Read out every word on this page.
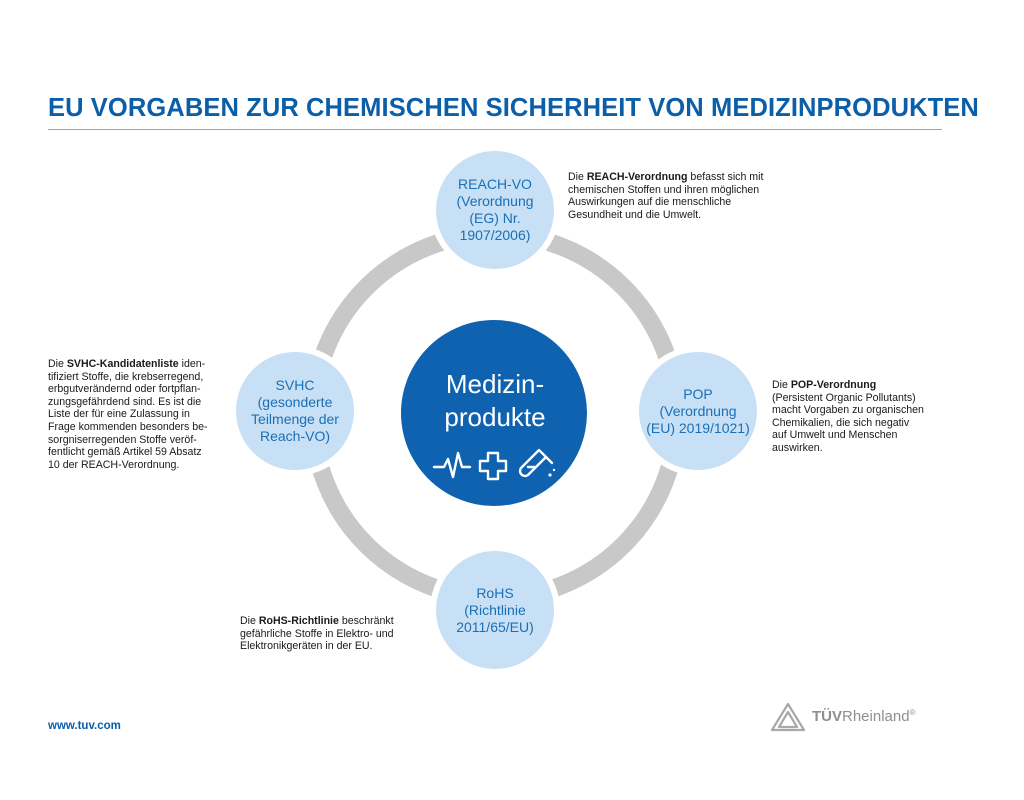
EU VORGABEN ZUR CHEMISCHEN SICHERHEIT VON MEDIZINPRODUKTEN
REACH-VO
(Verordnung
(EG) Nr.
1907/2006)
POP
(Verordnung
(EU) 2019/1021)
RoHS
(Richtlinie
2011/65/EU)
SVHC
(gesonderte
Teilmenge der
Reach-VO)
Medizin-
produkte
Die REACH-Verordnung befasst sich mit
chemischen Stoffen und ihren möglichen
Auswirkungen auf die menschliche
Gesundheit und die Umwelt.
Die POP-Verordnung
(Persistent Organic Pollutants)
macht Vorgaben zu organischen
Chemikalien, die sich negativ
auf Umwelt und Menschen
auswirken.
Die SVHC-Kandidatenliste iden-
tifiziert Stoffe, die krebserregend,
erbgutverändernd oder fortpflan-
zungsgefährdend sind. Es ist die
Liste der für eine Zulassung in
Frage kommenden besonders be-
sorgniserregenden Stoffe veröf-
fentlicht gemäß Artikel 59 Absatz
10 der REACH-Verordnung.
Die RoHS-Richtlinie beschränkt
gefährliche Stoffe in Elektro- und
Elektronikgeräten in der EU.
www.tuv.com
TÜVRheinland®
